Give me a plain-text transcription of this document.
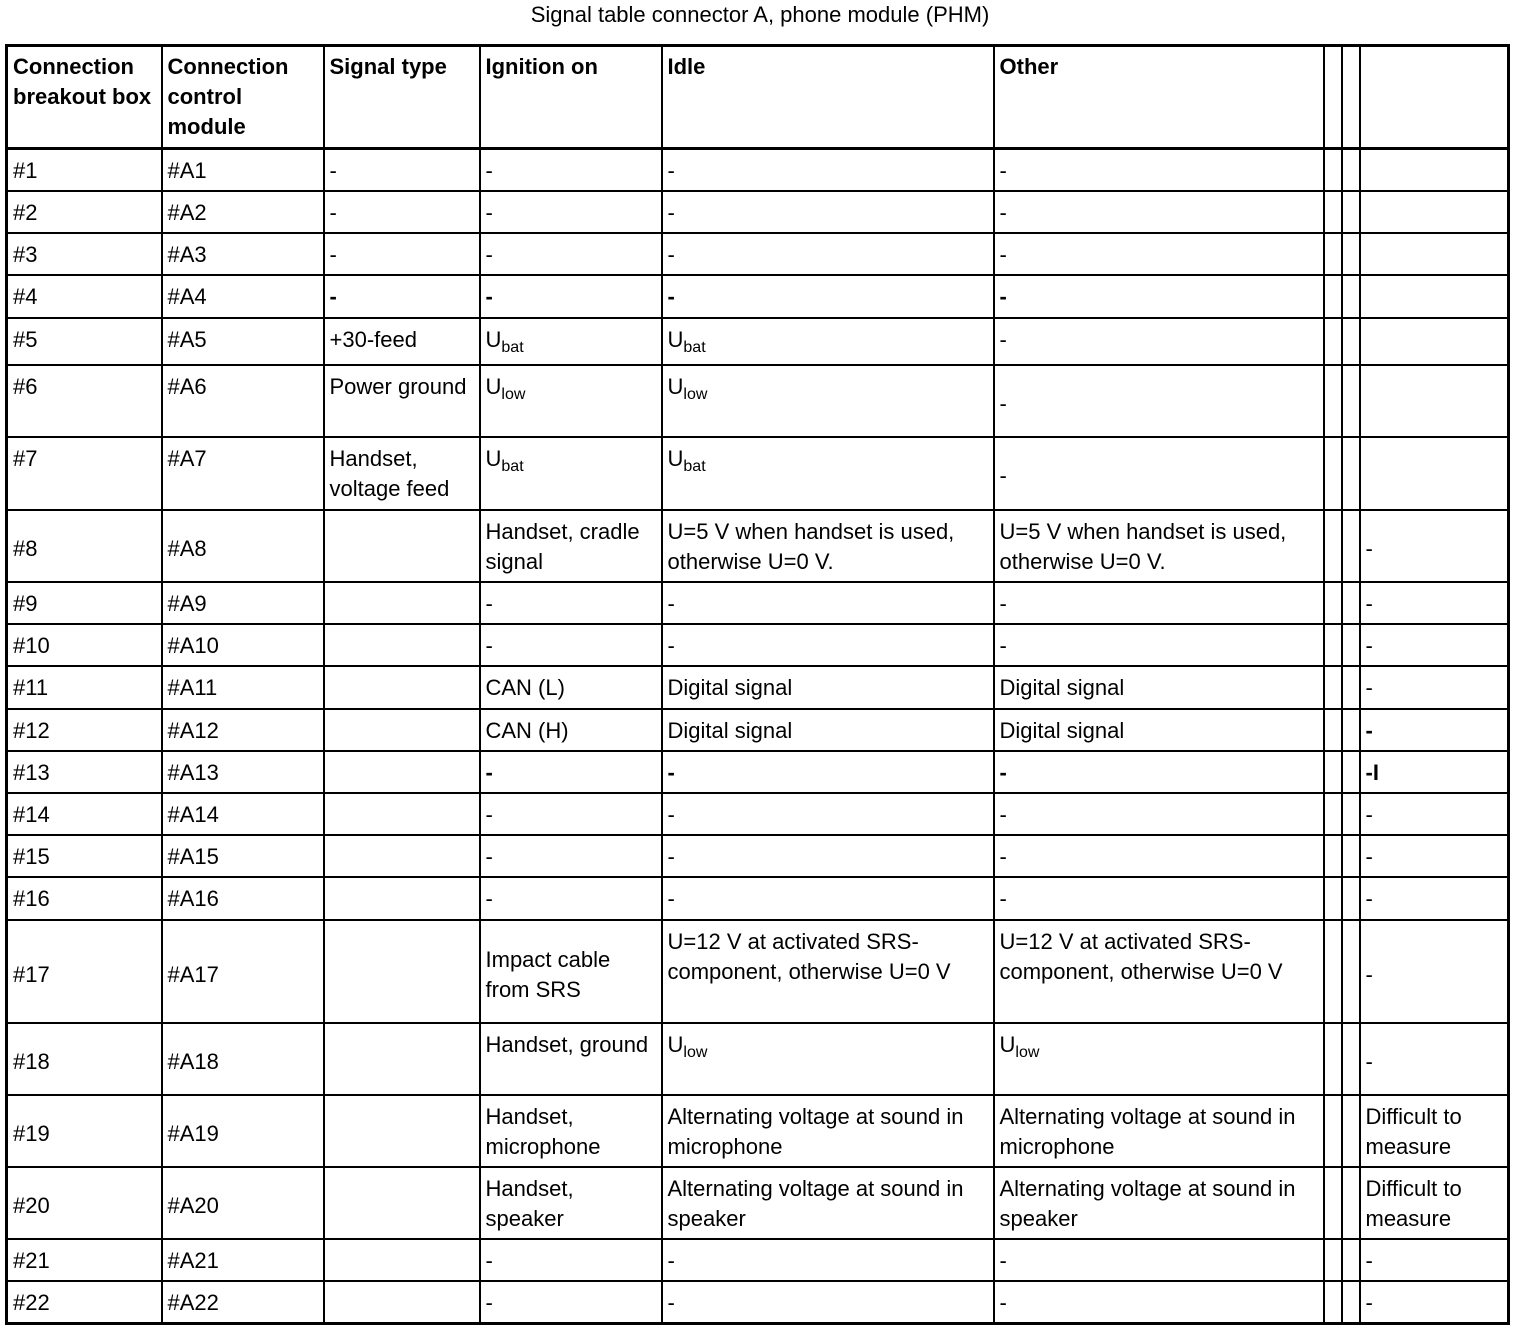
Signal table connector A, phone module (PHM)
Connection breakout box	Connection control module	Signal type	Ignition on	Idle	Other			
#1	#A1	-	-	-	-			
#2	#A2	-	-	-	-			
#3	#A3	-	-	-	-			
#4	#A4	-	-	-	-			
#5	#A5	+30-feed	$U_{bat}$	$U_{bat}$	-			
#6	#A6	Power ground	$U_{low}$	$U_{low}$	-			
#7	#A7	Handset, voltage feed	$U_{bat}$	$U_{bat}$	-			
#8	#A8		Handset, cradle signal	U=5 V when handset is used, otherwise U=0 V.	U=5 V when handset is used, otherwise U=0 V.			-
#9	#A9		-	-	-			-
#10	#A10		-	-	-			-
#11	#A11		CAN (L)	Digital signal	Digital signal			-
#12	#A12		CAN (H)	Digital signal	Digital signal			-
#13	#A13		-	-	-			-I
#14	#A14		-	-	-			-
#15	#A15		-	-	-			-
#16	#A16		-	-	-			-
#17	#A17		Impact cable from SRS	U=12 V at activated SRS-component, otherwise U=0 V	U=12 V at activated SRS-component, otherwise U=0 V			-
#18	#A18		Handset, ground	$U_{low}$	$U_{low}$			-
#19	#A19		Handset, microphone	Alternating voltage at sound in microphone	Alternating voltage at sound in microphone			Difficult to measure
#20	#A20		Handset, speaker	Alternating voltage at sound in speaker	Alternating voltage at sound in speaker			Difficult to measure
#21	#A21		-	-	-			-
#22	#A22		-	-	-			-
